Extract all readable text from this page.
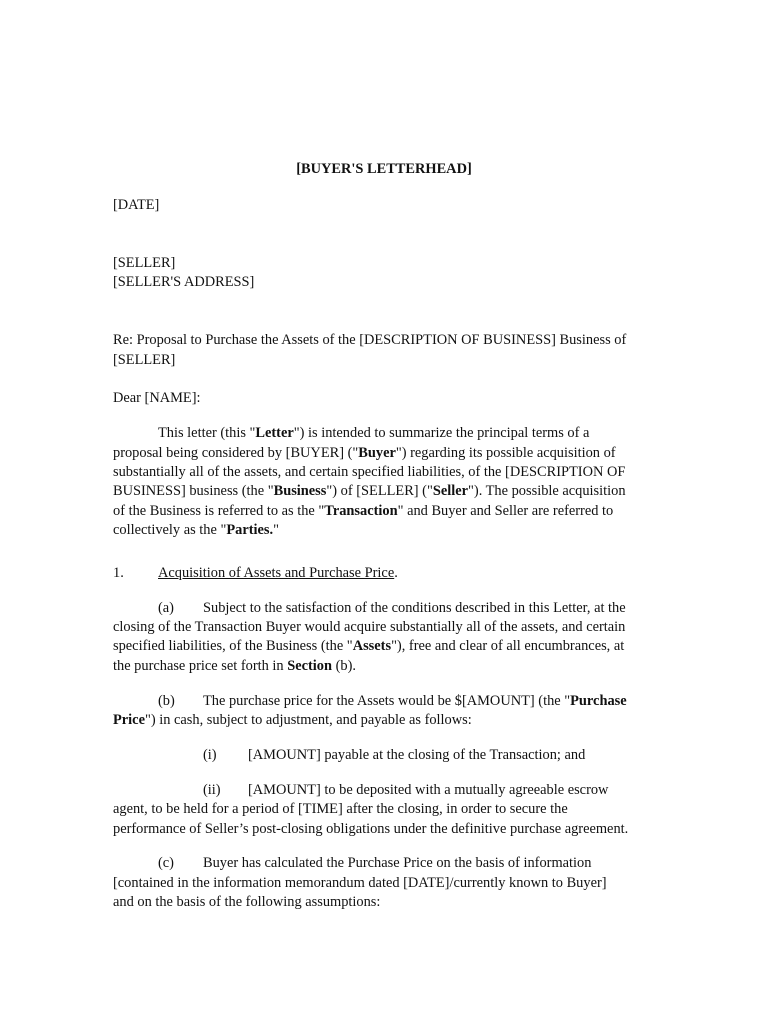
[BUYER'S LETTERHEAD]
[DATE]
[SELLER]
[SELLER'S ADDRESS]
Re: Proposal to Purchase the Assets of the [DESCRIPTION OF BUSINESS] Business of
[SELLER]
Dear [NAME]:
This letter (this "Letter") is intended to summarize the principal terms of a
proposal being considered by [BUYER] ("Buyer") regarding its possible acquisition of
substantially all of the assets, and certain specified liabilities, of the [DESCRIPTION OF
BUSINESS] business (the "Business") of [SELLER] ("Seller"). The possible acquisition
of the Business is referred to as the "Transaction" and Buyer and Seller are referred to
collectively as the "Parties."
1. Acquisition of Assets and Purchase Price.
(a) Subject to the satisfaction of the conditions described in this Letter, at the
closing of the Transaction Buyer would acquire substantially all of the assets, and certain
specified liabilities, of the Business (the "Assets"), free and clear of all encumbrances, at
the purchase price set forth in Section (b).
(b) The purchase price for the Assets would be $[AMOUNT] (the "Purchase
Price") in cash, subject to adjustment, and payable as follows:
(i) [AMOUNT] payable at the closing of the Transaction; and
(ii) [AMOUNT] to be deposited with a mutually agreeable escrow
agent, to be held for a period of [TIME] after the closing, in order to secure the
performance of Seller’s post-closing obligations under the definitive purchase agreement.
(c) Buyer has calculated the Purchase Price on the basis of information
[contained in the information memorandum dated [DATE]/currently known to Buyer]
and on the basis of the following assumptions:
